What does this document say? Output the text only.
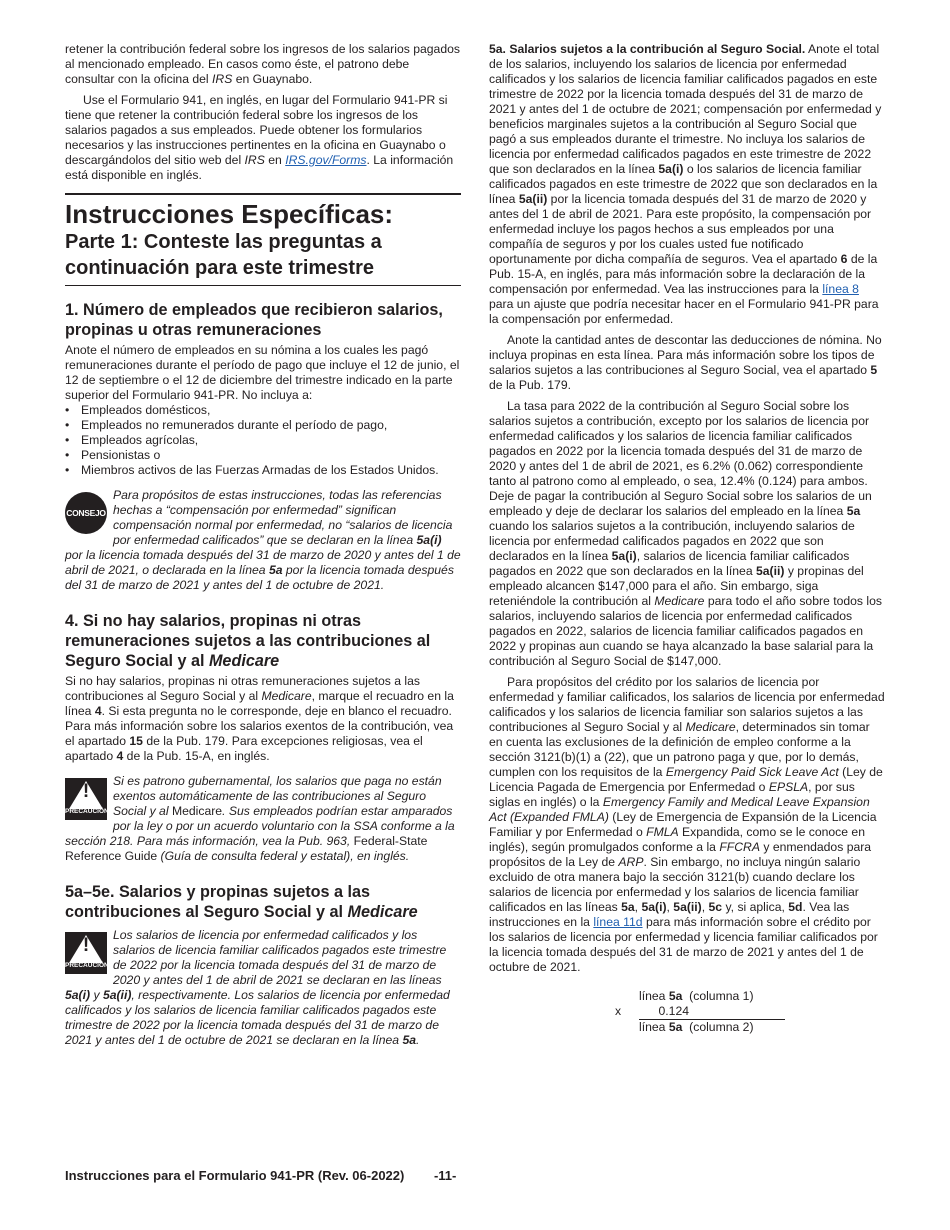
retener la contribución federal sobre los ingresos de los salarios pagados al mencionado empleado. En casos como éste, el patrono debe consultar con la oficina del IRS en Guaynabo.

Use el Formulario 941, en inglés, en lugar del Formulario 941-PR si tiene que retener la contribución federal sobre los ingresos de los salarios pagados a sus empleados. Puede obtener los formularios necesarios y las instrucciones pertinentes en la oficina en Guaynabo o descargándolos del sitio web del IRS en IRS.gov/Forms. La información está disponible en inglés.

Instrucciones Específicas:
Parte 1: Conteste las preguntas a continuación para este trimestre
1. Número de empleados que recibieron salarios, propinas u otras remuneraciones

Anote el número de empleados en su nómina a los cuales les pagó remuneraciones durante el período de pago que incluye el 12 de junio, el 12 de septiembre o el 12 de diciembre del trimestre indicado en la parte superior del Formulario 941-PR. No incluya a:

• Empleados domésticos,
• Empleados no remunerados durante el período de pago,
• Empleados agrícolas,
• Pensionistas o
• Miembros activos de las Fuerzas Armadas de los Estados Unidos.
CONSEJO
Para propósitos de estas instrucciones, todas las referencias hechas a “compensación por enfermedad” significan compensación normal por enfermedad, no “salarios de licencia por enfermedad calificados” que se declaran en la línea 5a(i) por la licencia tomada después del 31 de marzo de 2020 y antes del 1 de abril de 2021, o declarada en la línea 5a por la licencia tomada después del 31 de marzo de 2021 y antes del 1 de octubre de 2021.
4. Si no hay salarios, propinas ni otras remuneraciones sujetos a las contribuciones al Seguro Social y al Medicare

Si no hay salarios, propinas ni otras remuneraciones sujetos a las contribuciones al Seguro Social y al Medicare, marque el recuadro en la línea 4. Si esta pregunta no le corresponde, deje en blanco el recuadro. Para más información sobre los salarios exentos de la contribución, vea el apartado 15 de la Pub. 179. Para excepciones religiosas, vea el apartado 4 de la Pub. 15-A, en inglés.

!
PRECAUCIÓN
Si es patrono gubernamental, los salarios que paga no están exentos automáticamente de las contribuciones al Seguro Social y al Medicare. Sus empleados podrían estar amparados por la ley o por un acuerdo voluntario con la SSA conforme a la sección 218. Para más información, vea la Pub. 963, Federal-State Reference Guide (Guía de consulta federal y estatal), en inglés.
5a–5e. Salarios y propinas sujetos a las contribuciones al Seguro Social y al Medicare
!
PRECAUCIÓN
Los salarios de licencia por enfermedad calificados y los salarios de licencia familiar calificados pagados este trimestre de 2022 por la licencia tomada después del 31 de marzo de 2020 y antes del 1 de abril de 2021 se declaran en las líneas 5a(i) y 5a(ii), respectivamente. Los salarios de licencia por enfermedad calificados y los salarios de licencia familiar calificados pagados este trimestre de 2022 por la licencia tomada después del 31 de marzo de 2021 y antes del 1 de octubre de 2021 se declaran en la línea 5a.

5a. Salarios sujetos a la contribución al Seguro Social. Anote el total de los salarios, incluyendo los salarios de licencia por enfermedad calificados y los salarios de licencia familiar calificados pagados en este trimestre de 2022 por la licencia tomada después del 31 de marzo de 2021 y antes del 1 de octubre de 2021; compensación por enfermedad y beneficios marginales sujetos a la contribución al Seguro Social que pagó a sus empleados durante el trimestre. No incluya los salarios de licencia por enfermedad calificados pagados en este trimestre de 2022 que son declarados en la línea 5a(i) o los salarios de licencia familiar calificados pagados en este trimestre de 2022 que son declarados en la línea 5a(ii) por la licencia tomada después del 31 de marzo de 2020 y antes del 1 de abril de 2021. Para este propósito, la compensación por enfermedad incluye los pagos hechos a sus empleados por una compañía de seguros y por los cuales usted fue notificado oportunamente por dicha compañía de seguros. Vea el apartado 6 de la Pub. 15-A, en inglés, para más información sobre la declaración de la compensación por enfermedad. Vea las instrucciones para la línea 8 para un ajuste que podría necesitar hacer en el Formulario 941-PR para la compensación por enfermedad.

Anote la cantidad antes de descontar las deducciones de nómina. No incluya propinas en esta línea. Para más información sobre los tipos de salarios sujetos a las contribuciones al Seguro Social, vea el apartado 5 de la Pub. 179.

La tasa para 2022 de la contribución al Seguro Social sobre los salarios sujetos a contribución, excepto por los salarios de licencia por enfermedad calificados y los salarios de licencia familiar calificados pagados en 2022 por la licencia tomada después del 31 de marzo de 2020 y antes del 1 de abril de 2021, es 6.2% (0.062) correspondiente tanto al patrono como al empleado, o sea, 12.4% (0.124) para ambos. Deje de pagar la contribución al Seguro Social sobre los salarios de un empleado y deje de declarar los salarios del empleado en la línea 5a cuando los salarios sujetos a la contribución, incluyendo salarios de licencia por enfermedad calificados pagados en 2022 que son declarados en la línea 5a(i), salarios de licencia familiar calificados pagados en 2022 que son declarados en la línea 5a(ii) y propinas del empleado alcancen $147,000 para el año. Sin embargo, siga reteniéndole la contribución al Medicare para todo el año sobre todos los salarios, incluyendo salarios de licencia por enfermedad calificados pagados en 2022, salarios de licencia familiar calificados pagados en 2022 y propinas aun cuando se haya alcanzado la base salarial para la contribución al Seguro Social de $147,000.

Para propósitos del crédito por los salarios de licencia por enfermedad y familiar calificados, los salarios de licencia por enfermedad calificados y los salarios de licencia familiar son salarios sujetos a las contribuciones al Seguro Social y al Medicare, determinados sin tomar en cuenta las exclusiones de la definición de empleo conforme a la sección 3121(b)(1) a (22), que un patrono paga y que, por lo demás, cumplen con los requisitos de la Emergency Paid Sick Leave Act (Ley de Licencia Pagada de Emergencia por Enfermedad o EPSLA, por sus siglas en inglés) o la Emergency Family and Medical Leave Expansion Act (Expanded FMLA) (Ley de Emergencia de Expansión de la Licencia Familiar y por Enfermedad o FMLA Expandida, como se le conoce en inglés), según promulgados conforme a la FFCRA y enmendados para propósitos de la Ley de ARP. Sin embargo, no incluya ningún salario excluido de otra manera bajo la sección 3121(b) cuando declare los salarios de licencia por enfermedad y los salarios de licencia familiar calificados en las líneas 5a, 5a(i), 5a(ii), 5c y, si aplica, 5d. Vea las instrucciones en la línea 11d para más información sobre el crédito por los salarios de licencia por enfermedad y licencia familiar calificados por la licencia tomada después del 31 de marzo de 2021 y antes del 1 de octubre de 2021.

línea
5a
(columna 1)
x	0.124
línea
5a
(columna 2)
Instrucciones para el Formulario 941-PR (Rev. 06-2022) -11-
